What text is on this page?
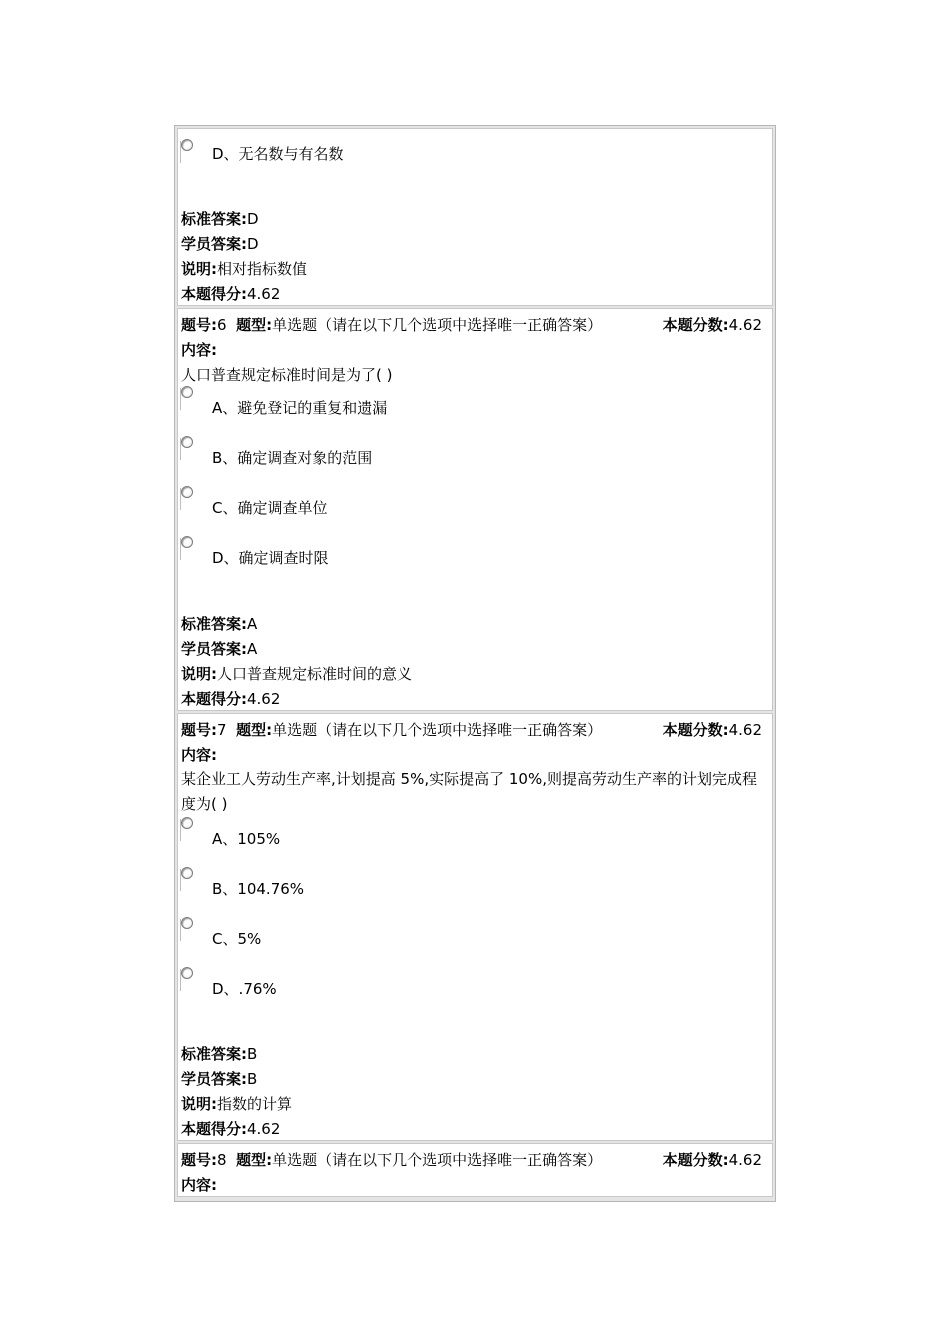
D、无名数与有名数
标准答案:D
学员答案:D
说明:相对指标数值
本题得分:4.62
题号:6 题型:单选题（请在以下几个选项中选择唯一正确答案）	本题分数:4.62
内容:
人口普查规定标准时间是为了( )
A、避免登记的重复和遗漏
B、确定调查对象的范围
C、确定调查单位
D、确定调查时限
标准答案:A
学员答案:A
说明:人口普查规定标准时间的意义
本题得分:4.62
题号:7 题型:单选题（请在以下几个选项中选择唯一正确答案）	本题分数:4.62
内容:
某企业工人劳动生产率,计划提高 5%,实际提高了 10%,则提高劳动生产率的计划完成程度为( )
A、105%
B、104.76%
C、5%
D、.76%
标准答案:B
学员答案:B
说明:指数的计算
本题得分:4.62
题号:8 题型:单选题（请在以下几个选项中选择唯一正确答案）	本题分数:4.62
内容:
